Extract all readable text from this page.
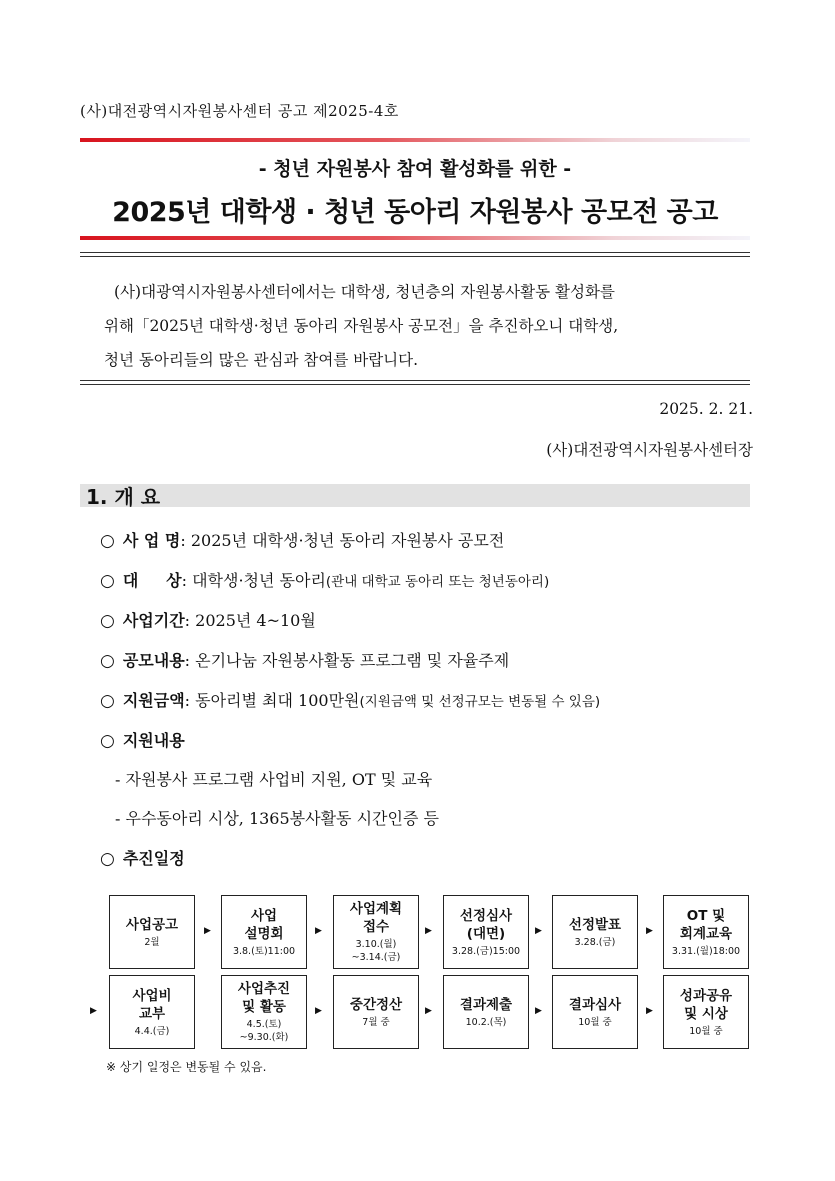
(사)대전광역시자원봉사센터 공고 제2025-4호
- 청년 자원봉사 참여 활성화를 위한 -
2025년 대학생 · 청년 동아리 자원봉사 공모전 공고

(사)대광역시자원봉사센터에서는 대학생, 청년층의 자원봉사활동 활성화를

위해「2025년 대학생·청년 동아리 자원봉사 공모전」을 추진하오니 대학생,

청년 동아리들의 많은 관심과 참여를 바랍니다.

2025. 2. 21.
(사)대전광역시자원봉사센터장
1. 개 요
○ 사 업 명: 2025년 대학생·청년 동아리 자원봉사 공모전
○ 대     상: 대학생·청년 동아리(관내 대학교 동아리 또는 청년동아리)
○ 사업기간: 2025년 4~10월
○ 공모내용: 온기나눔 자원봉사활동 프로그램 및 자율주제
○ 지원금액: 동아리별 최대 100만원(지원금액 및 선정규모는 변동될 수 있음)
○ 지원내용
- 자원봉사 프로그램 사업비 지원, OT 및 교육
- 우수동아리 시상, 1365봉사활동 시간인증 등
○ 추진일정
사업공고
2월
사업
설명회
3.8.(토)11:00
사업계획
접수
3.10.(월)
~3.14.(금)
선정심사
(대면)
3.28.(금)15:00
선정발표
3.28.(금)
OT 및
회계교육
3.31.(월)18:00
▶	▶	▶	▶	▶
사업비
교부
4.4.(금)
사업추진
및 활동
4.5.(토)
~9.30.(화)
중간정산
7월 중
결과제출
10.2.(목)
결과심사
10월 중
성과공유
및 시상
10월 중
▶	▶	▶	▶	▶
※ 상기 일정은 변동될 수 있음.
